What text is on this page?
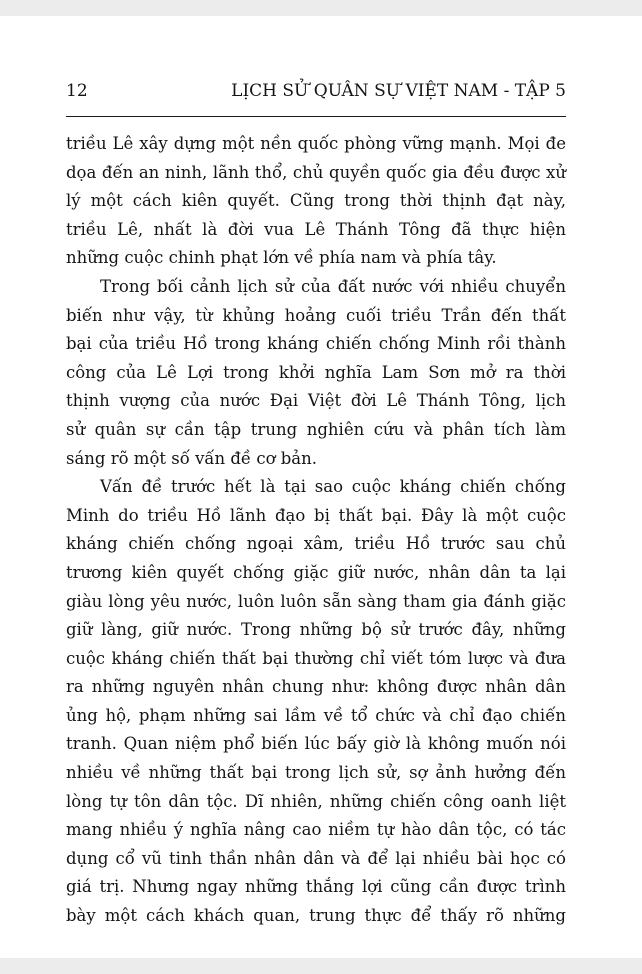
12	LỊCH SỬ QUÂN SỰ VIỆT NAM - TẬP 5
triều Lê xây dựng một nền quốc phòng vững mạnh. Mọi đe
dọa đến an ninh, lãnh thổ, chủ quyền quốc gia đều được xử
lý một cách kiên quyết. Cũng trong thời thịnh đạt này,
triều Lê, nhất là đời vua Lê Thánh Tông đã thực hiện
những cuộc chinh phạt lớn về phía nam và phía tây.
Trong bối cảnh lịch sử của đất nước với nhiều chuyển
biến như vậy, từ khủng hoảng cuối triều Trần đến thất
bại của triều Hồ trong kháng chiến chống Minh rồi thành
công của Lê Lợi trong khởi nghĩa Lam Sơn mở ra thời
thịnh vượng của nước Đại Việt đời Lê Thánh Tông, lịch
sử quân sự cần tập trung nghiên cứu và phân tích làm
sáng rõ một số vấn đề cơ bản.
Vấn đề trước hết là tại sao cuộc kháng chiến chống
Minh do triều Hồ lãnh đạo bị thất bại. Đây là một cuộc
kháng chiến chống ngoại xâm, triều Hồ trước sau chủ
trương kiên quyết chống giặc giữ nước, nhân dân ta lại
giàu lòng yêu nước, luôn luôn sẵn sàng tham gia đánh giặc
giữ làng, giữ nước. Trong những bộ sử trước đây, những
cuộc kháng chiến thất bại thường chỉ viết tóm lược và đưa
ra những nguyên nhân chung như: không được nhân dân
ủng hộ, phạm những sai lầm về tổ chức và chỉ đạo chiến
tranh. Quan niệm phổ biến lúc bấy giờ là không muốn nói
nhiều về những thất bại trong lịch sử, sợ ảnh hưởng đến
lòng tự tôn dân tộc. Dĩ nhiên, những chiến công oanh liệt
mang nhiều ý nghĩa nâng cao niềm tự hào dân tộc, có tác
dụng cổ vũ tinh thần nhân dân và để lại nhiều bài học có
giá trị. Nhưng ngay những thắng lợi cũng cần được trình
bày một cách khách quan, trung thực để thấy rõ những
